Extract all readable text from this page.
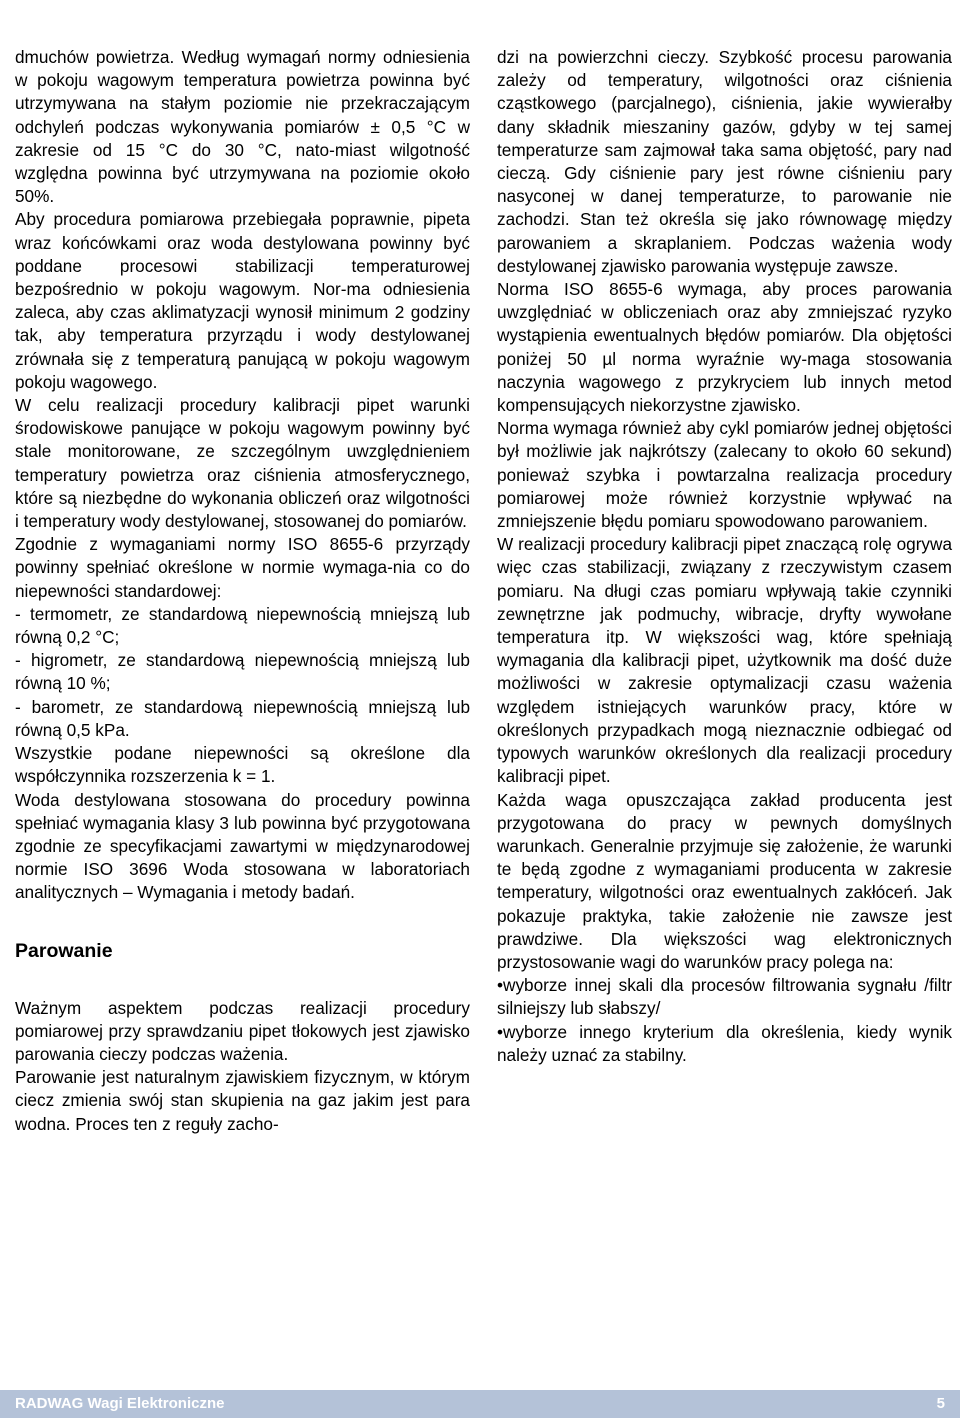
dmuchów powietrza. Według wymagań normy odniesienia w pokoju wagowym temperatura powietrza powinna być utrzymywana na stałym poziomie nie przekraczającym odchyleń podczas wykonywania pomiarów ± 0,5 °C w zakresie od 15 °C do 30 °C, nato-miast wilgotność względna powinna być utrzymywana na poziomie około 50%.

Aby procedura pomiarowa przebiegała poprawnie, pipeta wraz końcówkami oraz woda destylowana powinny być poddane procesowi stabilizacji temperaturowej bezpośrednio w pokoju wagowym. Nor-ma odniesienia zaleca, aby czas aklimatyzacji wynosił minimum 2 godziny tak, aby temperatura przyrządu i wody destylowanej zrównała się z temperaturą panującą w pokoju wagowym pokoju wagowego.

W celu realizacji procedury kalibracji pipet warunki środowiskowe panujące w pokoju wagowym powinny być stale monitorowane, ze szczególnym uwzględnieniem temperatury powietrza oraz ciśnienia atmosferycznego, które są niezbędne do wykonania obliczeń oraz wilgotności i temperatury wody destylowanej, stosowanej do pomiarów.

Zgodnie z wymaganiami normy ISO 8655-6 przyrządy powinny spełniać określone w normie wymaga-nia co do niepewności standardowej:

- termometr, ze standardową niepewnością mniejszą lub równą 0,2 °C;

- higrometr, ze standardową niepewnością mniejszą lub równą 10 %;

- barometr, ze standardową niepewnością mniejszą lub równą 0,5 kPa.

Wszystkie podane niepewności są określone dla współczynnika rozszerzenia k = 1.

Woda destylowana stosowana do procedury powinna spełniać wymagania klasy 3 lub powinna być przygotowana zgodnie ze specyfikacjami zawartymi w międzynarodowej normie ISO 3696 Woda stosowana w laboratoriach analitycznych – Wymagania i metody badań.

Parowanie

Ważnym aspektem podczas realizacji procedury pomiarowej przy sprawdzaniu pipet tłokowych jest zjawisko parowania cieczy podczas ważenia.

Parowanie jest naturalnym zjawiskiem fizycznym, w którym ciecz zmienia swój stan skupienia na gaz jakim jest para wodna. Proces ten z reguły zacho-

dzi na powierzchni cieczy. Szybkość procesu parowania zależy od temperatury, wilgotności oraz ciśnienia cząstkowego (parcjalnego), ciśnienia, jakie wywierałby dany składnik mieszaniny gazów, gdyby w tej samej temperaturze sam zajmował taka sama objętość, pary nad cieczą. Gdy ciśnienie pary jest równe ciśnieniu pary nasyconej w danej temperaturze, to parowanie nie zachodzi. Stan też określa się jako równowagę między parowaniem a skraplaniem. Podczas ważenia wody destylowanej zjawisko parowania występuje zawsze.

Norma ISO 8655-6 wymaga, aby proces parowania uwzględniać w obliczeniach oraz aby zmniejszać ryzyko wystąpienia ewentualnych błędów pomiarów. Dla objętości poniżej 50 µl norma wyraźnie wy-maga stosowania naczynia wagowego z przykryciem lub innych metod kompensujących niekorzystne zjawisko.

Norma wymaga również aby cykl pomiarów jednej objętości był możliwie jak najkrótszy (zalecany to około 60 sekund) ponieważ szybka i powtarzalna realizacja procedury pomiarowej może również korzystnie wpływać na zmniejszenie błędu pomiaru spowodowano parowaniem.

W realizacji procedury kalibracji pipet znaczącą rolę ogrywa więc czas stabilizacji, związany z rzeczywistym czasem pomiaru. Na długi czas pomiaru wpływają takie czynniki zewnętrzne jak podmuchy, wibracje, dryfty wywołane temperatura itp. W większości wag, które spełniają wymagania dla kalibracji pipet, użytkownik ma dość duże możliwości w zakresie optymalizacji czasu ważenia względem istniejących warunków pracy, które w określonych przypadkach mogą nieznacznie odbiegać od typowych warunków określonych dla realizacji procedury kalibracji pipet.

Każda waga opuszczająca zakład producenta jest przygotowana do pracy w pewnych domyślnych warunkach. Generalnie przyjmuje się założenie, że warunki te będą zgodne z wymaganiami producenta w zakresie temperatury, wilgotności oraz ewentualnych zakłóceń. Jak pokazuje praktyka, takie założenie nie zawsze jest prawdziwe. Dla większości wag elektronicznych przystosowanie wagi do warunków pracy polega na:

•wyborze innej skali dla procesów filtrowania sygnału /filtr silniejszy lub słabszy/

•wyborze innego kryterium dla określenia, kiedy wynik należy uznać za stabilny.

RADWAG Wagi Elektroniczne	5
